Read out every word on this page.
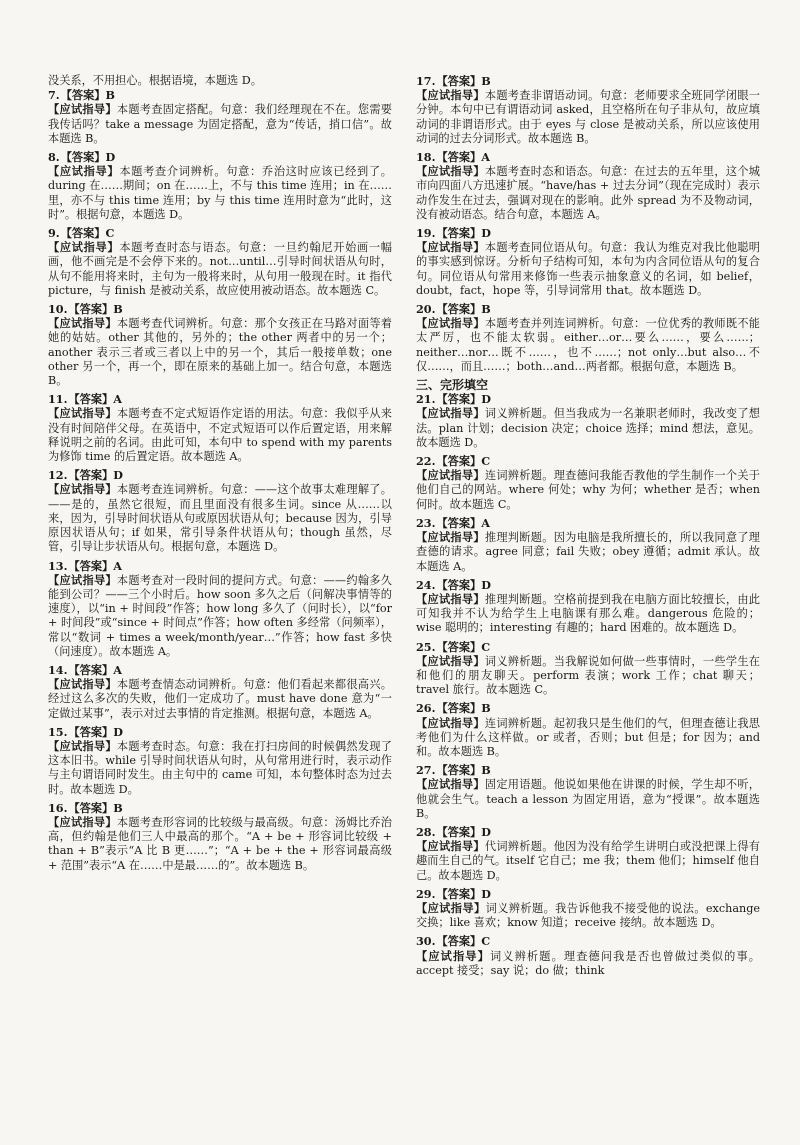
没关系，不用担心。根据语境，本题选 D。

7.【答案】B

【应试指导】本题考查固定搭配。句意：我们经理现在不在。您需要我传话吗？take a message 为固定搭配，意为“传话，捎口信”。故本题选 B。

8.【答案】D

【应试指导】本题考查介词辨析。句意：乔治这时应该已经到了。during 在……期间；on 在……上，不与 this time 连用；in 在……里，亦不与 this time 连用；by 与 this time 连用时意为“此时，这时”。根据句意，本题选 D。

9.【答案】C

【应试指导】本题考查时态与语态。句意：一旦约翰尼开始画一幅画，他不画完是不会停下来的。not…until…引导时间状语从句时，从句不能用将来时，主句为一般将来时，从句用一般现在时。it 指代 picture，与 finish 是被动关系，故应使用被动语态。故本题选 C。

10.【答案】B

【应试指导】本题考查代词辨析。句意：那个女孩正在马路对面等着她的姑姑。other 其他的，另外的；the other 两者中的另一个；another 表示三者或三者以上中的另一个，其后一般接单数；one other 另一个，再一个，即在原来的基础上加一。结合句意，本题选 B。

11.【答案】A

【应试指导】本题考查不定式短语作定语的用法。句意：我似乎从来没有时间陪伴父母。在英语中，不定式短语可以作后置定语，用来解释说明之前的名词。由此可知，本句中 to spend with my parents 为修饰 time 的后置定语。故本题选 A。

12.【答案】D

【应试指导】本题考查连词辨析。句意：——这个故事太难理解了。——是的，虽然它很短，而且里面没有很多生词。since 从……以来，因为，引导时间状语从句或原因状语从句；because 因为，引导原因状语从句；if 如果，常引导条件状语从句；though 虽然，尽管，引导让步状语从句。根据句意，本题选 D。

13.【答案】A

【应试指导】本题考查对一段时间的提问方式。句意：——约翰多久能到公司？——三个小时后。how soon 多久之后（问解决事情等的速度），以“in + 时间段”作答；how long 多久了（问时长），以“for + 时间段”或“since + 时间点”作答；how often 多经常（问频率），常以“数词 + times a week/month/year…”作答；how fast 多快（问速度）。故本题选 A。

14.【答案】A

【应试指导】本题考查情态动词辨析。句意：他们看起来都很高兴。经过这么多次的失败，他们一定成功了。must have done 意为“一定做过某事”，表示对过去事情的肯定推测。根据句意，本题选 A。

15.【答案】D

【应试指导】本题考查时态。句意：我在打扫房间的时候偶然发现了这本旧书。while 引导时间状语从句时，从句常用进行时，表示动作与主句谓语同时发生。由主句中的 came 可知，本句整体时态为过去时。故本题选 D。

16.【答案】B

【应试指导】本题考查形容词的比较级与最高级。句意：汤姆比乔治高，但约翰是他们三人中最高的那个。“A + be + 形容词比较级 + than + B”表示“A 比 B 更……”；“A + be + the + 形容词最高级 + 范围”表示“A 在……中是最……的”。故本题选 B。

17.【答案】B

【应试指导】本题考查非谓语动词。句意：老师要求全班同学闭眼一分钟。本句中已有谓语动词 asked，且空格所在句子非从句，故应填动词的非谓语形式。由于 eyes 与 close 是被动关系，所以应该使用动词的过去分词形式。故本题选 B。

18.【答案】A

【应试指导】本题考查时态和语态。句意：在过去的五年里，这个城市向四面八方迅速扩展。“have/has + 过去分词”（现在完成时）表示动作发生在过去，强调对现在的影响。此外 spread 为不及物动词，没有被动语态。结合句意，本题选 A。

19.【答案】D

【应试指导】本题考查同位语从句。句意：我认为维克对我比他聪明的事实感到惊讶。分析句子结构可知，本句为内含同位语从句的复合句。同位语从句常用来修饰一些表示抽象意义的名词，如 belief，doubt，fact，hope 等，引导词常用 that。故本题选 D。

20.【答案】B

【应试指导】本题考查并列连词辨析。句意：一位优秀的教师既不能太严厉，也不能太软弱。either…or…要么……，要么……；neither…nor…既不……，也不……；not only…but also…不仅……，而且……；both…and…两者都。根据句意，本题选 B。

三、完形填空

21.【答案】D

【应试指导】词义辨析题。但当我成为一名兼职老师时，我改变了想法。plan 计划；decision 决定；choice 选择；mind 想法，意见。故本题选 D。

22.【答案】C

【应试指导】连词辨析题。理查德问我能否教他的学生制作一个关于他们自己的网站。where 何处；why 为何；whether 是否；when 何时。故本题选 C。

23.【答案】A

【应试指导】推理判断题。因为电脑是我所擅长的，所以我同意了理查德的请求。agree 同意；fail 失败；obey 遵循；admit 承认。故本题选 A。

24.【答案】D

【应试指导】推理判断题。空格前提到我在电脑方面比较擅长，由此可知我并不认为给学生上电脑课有那么难。dangerous 危险的；wise 聪明的；interesting 有趣的；hard 困难的。故本题选 D。

25.【答案】C

【应试指导】词义辨析题。当我解说如何做一些事情时，一些学生在和他们的朋友聊天。perform 表演；work 工作；chat 聊天；travel 旅行。故本题选 C。

26.【答案】B

【应试指导】连词辨析题。起初我只是生他们的气，但理查德让我思考他们为什么这样做。or 或者，否则；but 但是；for 因为；and 和。故本题选 B。

27.【答案】B

【应试指导】固定用语题。他说如果他在讲课的时候，学生却不听，他就会生气。teach a lesson 为固定用语，意为“授课”。故本题选 B。

28.【答案】D

【应试指导】代词辨析题。他因为没有给学生讲明白或没把课上得有趣而生自己的气。itself 它自己；me 我；them 他们；himself 他自己。故本题选 D。

29.【答案】D

【应试指导】词义辨析题。我告诉他我不接受他的说法。exchange 交换；like 喜欢；know 知道；receive 接纳。故本题选 D。

30.【答案】C

【应试指导】词义辨析题。理查德问我是否也曾做过类似的事。accept 接受；say 说；do 做；think
